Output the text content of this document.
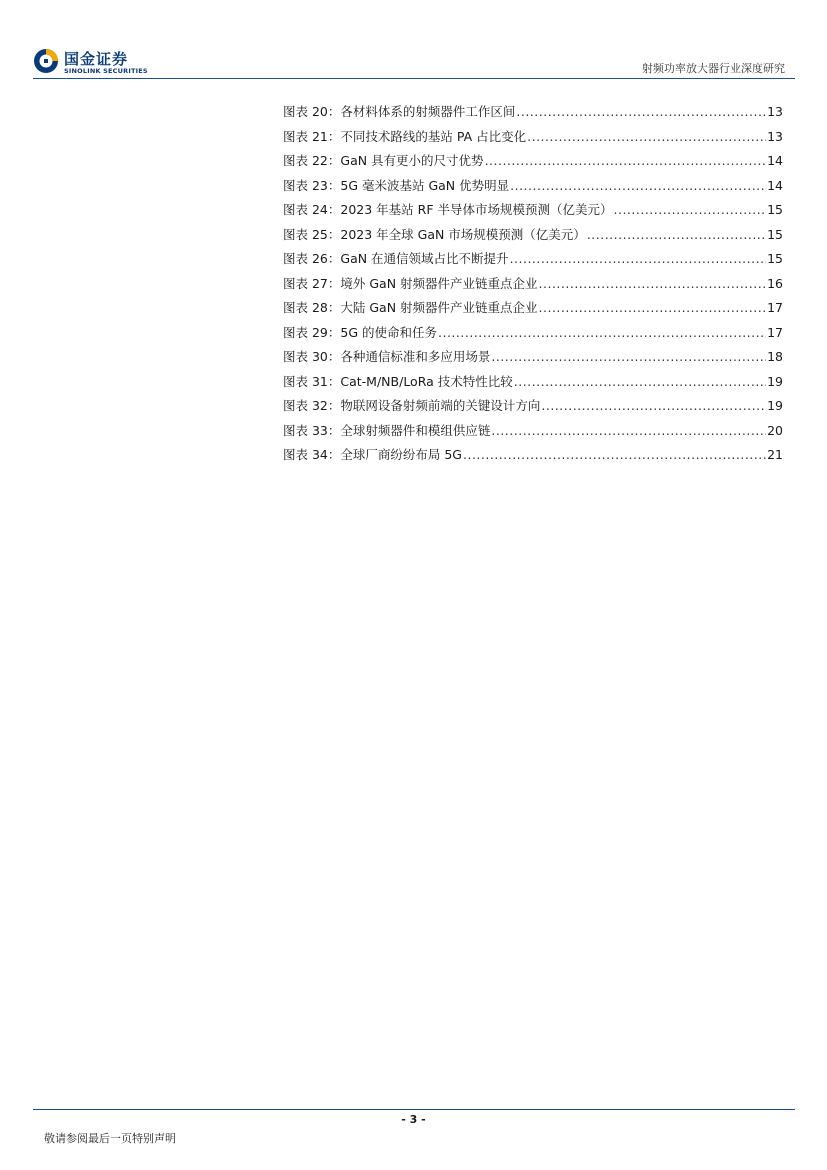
国金证券
SINOLINK SECURITIES	射频功率放大器行业深度研究
图表 20：各材料体系的射频器件工作区间 .....	13
图表 21：不同技术路线的基站 PA 占比变化 .....	13
图表 22：GaN 具有更小的尺寸优势 .....	14
图表 23：5G 毫米波基站 GaN 优势明显 .....	14
图表 24：2023 年基站 RF 半导体市场规模预测（亿美元） .....	15
图表 25：2023 年全球 GaN 市场规模预测（亿美元） .....	15
图表 26：GaN 在通信领域占比不断提升 .....	15
图表 27：境外 GaN 射频器件产业链重点企业 .....	16
图表 28：大陆 GaN 射频器件产业链重点企业 .....	17
图表 29：5G 的使命和任务 .....	17
图表 30：各种通信标准和多应用场景 .....	18
图表 31：Cat-M/NB/LoRa 技术特性比较 .....	19
图表 32：物联网设备射频前端的关键设计方向 .....	19
图表 33：全球射频器件和模组供应链 .....	20
图表 34：全球厂商纷纷布局 5G .....	21
- 3 -
敬请参阅最后一页特别声明
